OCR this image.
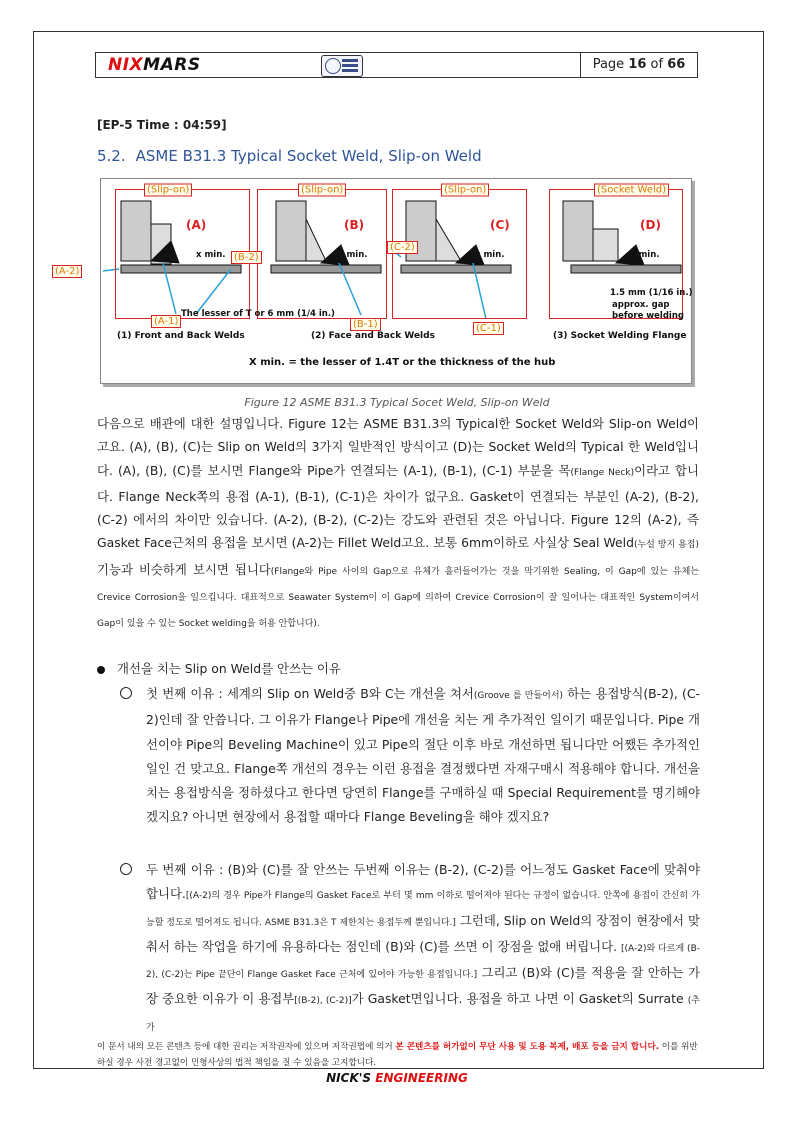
NIXMARS	Page 16 of 66
[EP-5 Time : 04:59]
5.2. ASME B31.3 Typical Socket Weld, Slip-on Weld
(Slip-on)
(A)
x min.
(Slip-on)
(B)
x min.
(Slip-on)
(C)
x min.
(Socket Weld)
(D)
x min.
1.5 mm (1/16 in.)
approx. gap
before welding
(A-1)	(B-1)
(B-2)
(C-1)
(C-2)
The lesser of T or 6 mm (1/4 in.)
(1) Front and Back Welds	(2) Face and Back Welds	(3) Socket Welding Flange
X min. = the lesser of 1.4T or the thickness of the hub
(A-2)
Figure 12 ASME B31.3 Typical Socet Weld, Slip-on Weld
다음으로 배관에 대한 설명입니다. Figure 12는 ASME B31.3의 Typical한 Socket Weld와 Slip-on Weld이고요. (A), (B), (C)는 Slip on Weld의 3가지 일반적인 방식이고 (D)는 Socket Weld의 Typical 한 Weld입니다. (A), (B), (C)를 보시면 Flange와 Pipe가 연결되는 (A-1), (B-1), (C-1) 부분을 목(Flange Neck)이라고 합니다. Flange Neck쪽의 용접 (A-1), (B-1), (C-1)은 차이가 없구요. Gasket이 연결되는 부분인 (A-2), (B-2), (C-2) 에서의 차이만 있습니다. (A-2), (B-2), (C-2)는 강도와 관련된 것은 아닙니다. Figure 12의 (A-2), 즉 Gasket Face근처의 용접을 보시면 (A-2)는 Fillet Weld고요. 보통 6mm이하로 사실상 Seal Weld(누설 방지 용접) 기능과 비슷하게 보시면 됩니다(Flange와 Pipe 사이의 Gap으로 유체가 흘러들어가는 것을 막기위한 Sealing, 이 Gap에 있는 유체는 Crevice Corrosion을 일으킵니다. 대표적으로 Seawater System이 이 Gap에 의하여 Crevice Corrosion이 잘 일어나는 대표적인 System이여서 Gap이 있을 수 있는 Socket welding을 허용 안합니다).
개선을 치는 Slip on Weld를 안쓰는 이유
첫 번째 이유 : 세계의 Slip on Weld중 B와 C는 개선을 쳐서(Groove 를 만들어서) 하는 용접방식(B-2), (C-2)인데 잘 안씁니다. 그 이유가 Flange나 Pipe에 개선을 치는 게 추가적인 일이기 때문입니다. Pipe 개선이야 Pipe의 Beveling Machine이 있고 Pipe의 절단 이후 바로 개선하면 됩니다만 어쨌든 추가적인 일인 건 맞고요. Flange쪽 개선의 경우는 이런 용접을 결정했다면 자재구매시 적용해야 합니다. 개선을 치는 용접방식을 정하셨다고 한다면 당연히 Flange를 구매하실 때 Special Requirement를 명기해야겠지요? 아니면 현장에서 용접할 때마다 Flange Beveling을 해야 겠지요?
두 번째 이유 : (B)와 (C)를 잘 안쓰는 두번째 이유는 (B-2), (C-2)를 어느정도 Gasket Face에 맞춰야 합니다.[(A-2)의 경우 Pipe가 Flange의 Gasket Face로 부터 몇 mm 이하로 떨어져야 된다는 규정이 없습니다. 안쪽에 용접이 간신히 가능할 정도로 떨어져도 됩니다. ASME B31.3은 T 제한치는 용접두께 뿐입니다.] 그런데, Slip on Weld의 장점이 현장에서 맞춰서 하는 작업을 하기에 유용하다는 점인데 (B)와 (C)를 쓰면 이 장점을 없애 버립니다. [(A-2)와 다르게 (B-2), (C-2)는 Pipe 끝단이 Flange Gasket Face 근처에 있어야 가능한 용접입니다.] 그리고 (B)와 (C)를 적용을 잘 안하는 가장 중요한 이유가 이 용접부[(B-2), (C-2)]가 Gasket면입니다. 용접을 하고 나면 이 Gasket의 Surrate (추가
이 문서 내의 모든 콘텐츠 등에 대한 권리는 저작권자에 있으며 저작권법에 의거 본 콘텐츠를 허가없이 무단 사용 및 도용 복제, 배포 등을 금지 합니다. 이를 위반 하실 경우 사전 경고없이 민형사상의 법적 책임을 질 수 있음을 고지합니다.
NICK'S ENGINEERING
